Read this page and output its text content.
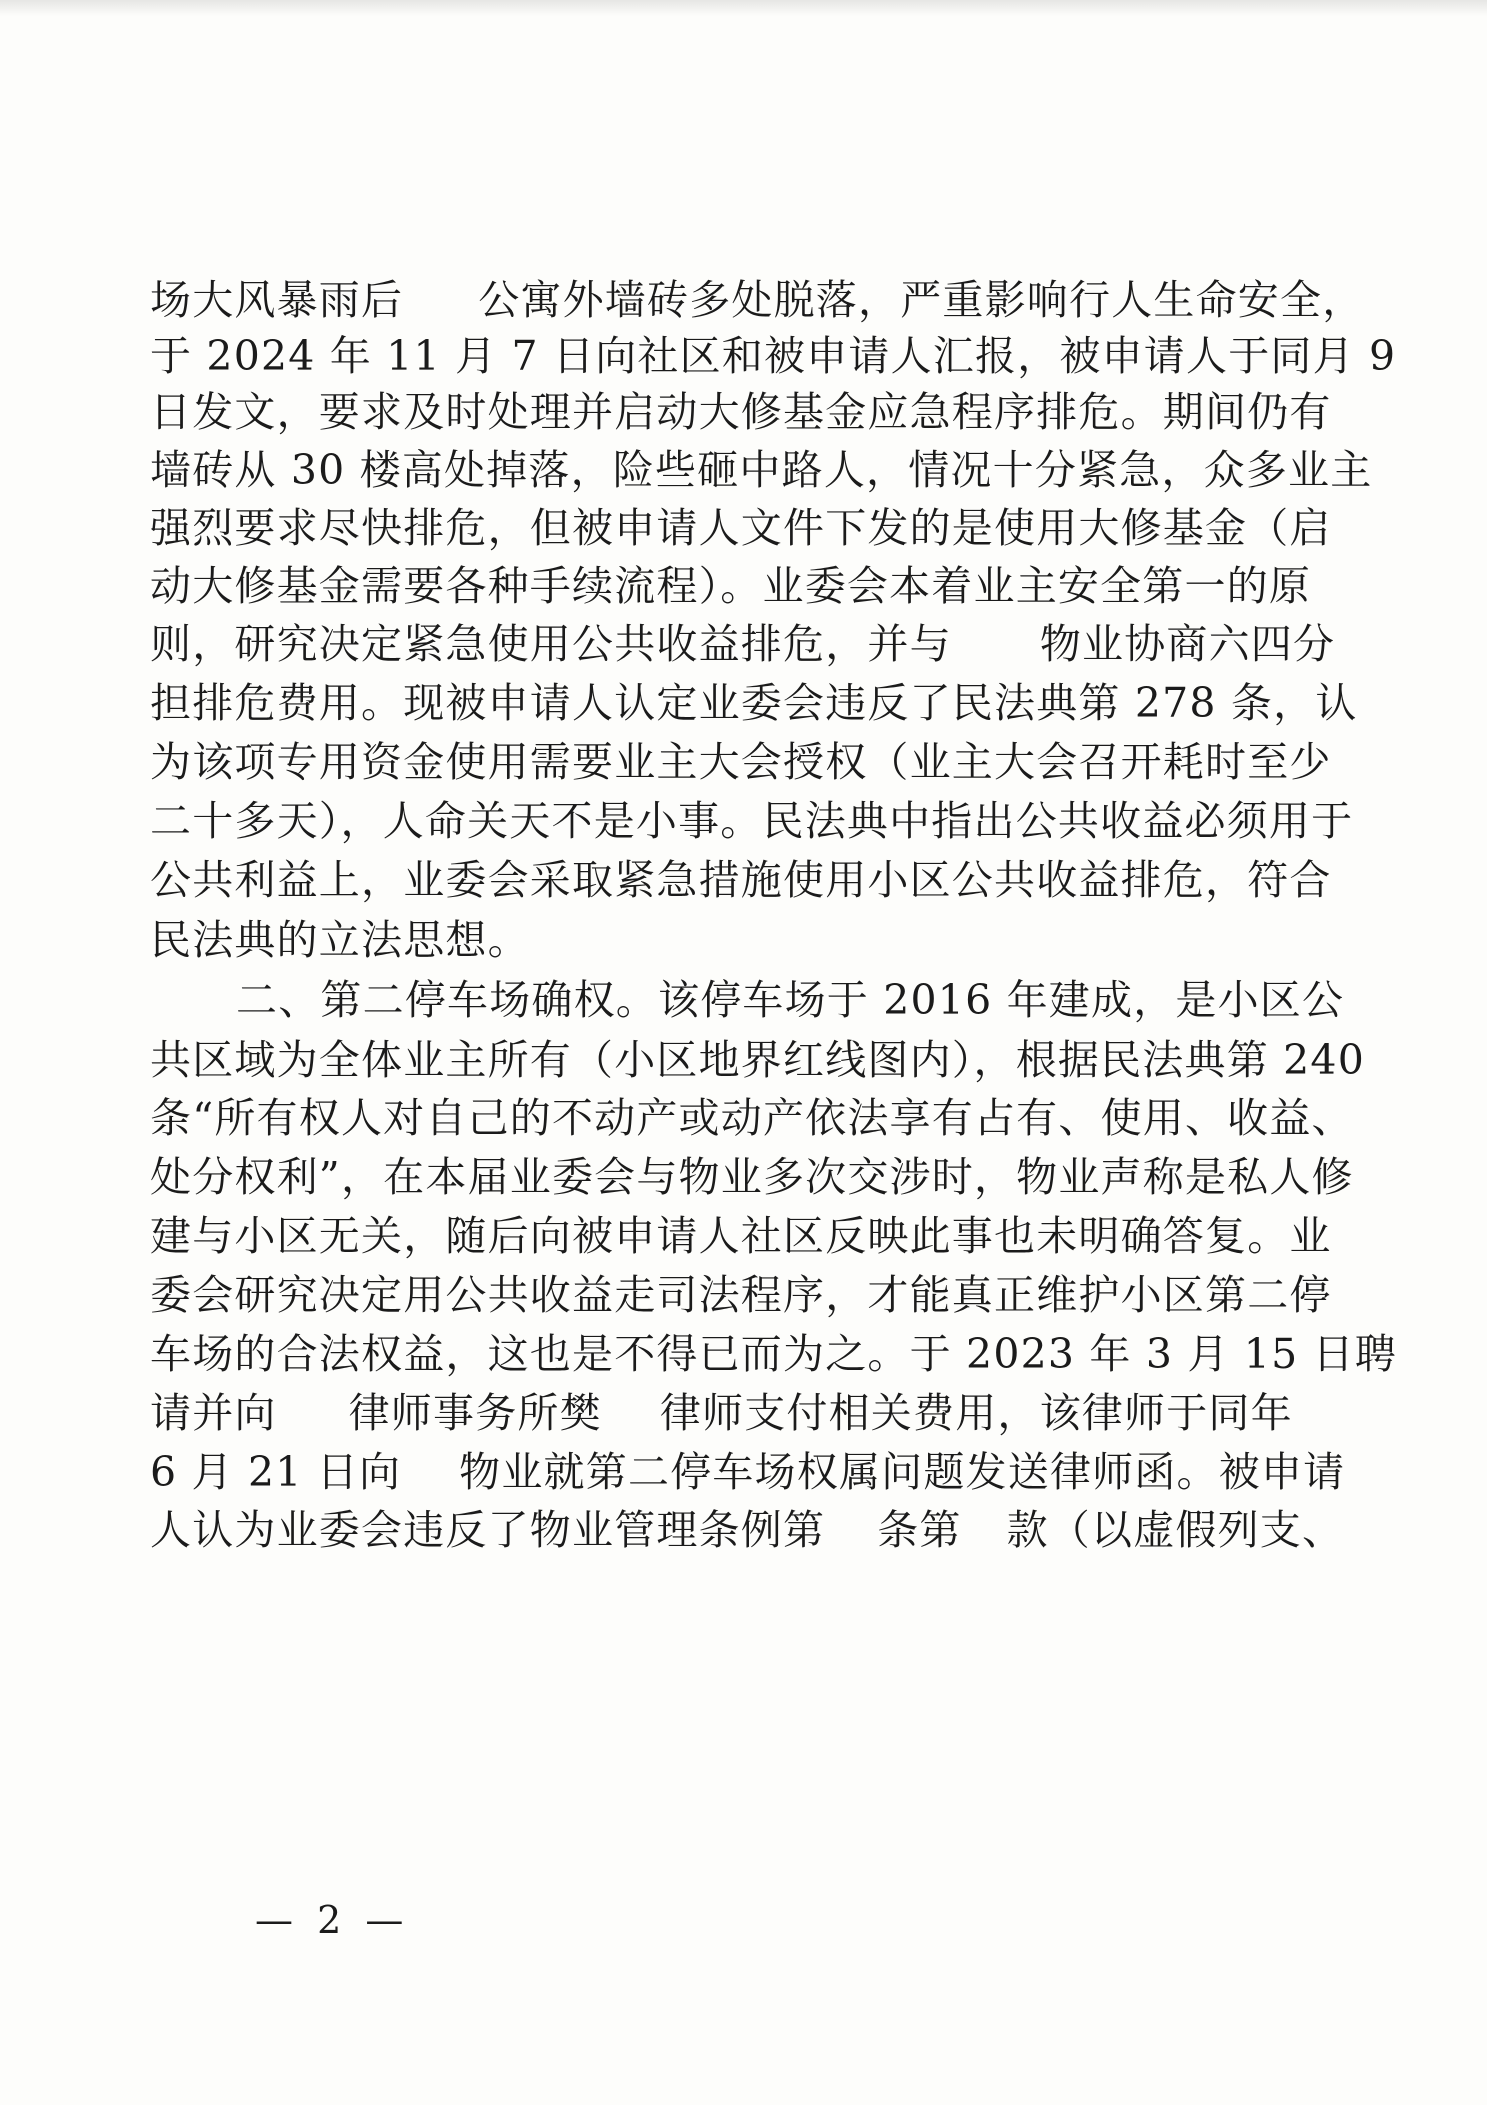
场大风暴雨后 公寓外墙砖多处脱落，严重影响行人生命安全，
于 2024 年 11 月 7 日向社区和被申请人汇报，被申请人于同月 9
日发文，要求及时处理并启动大修基金应急程序排危。期间仍有
墙砖从 30 楼高处掉落，险些砸中路人，情况十分紧急，众多业主
强烈要求尽快排危，但被申请人文件下发的是使用大修基金（启
动大修基金需要各种手续流程）。业委会本着业主安全第一的原
则，研究决定紧急使用公共收益排危，并与 物业协商六四分
担排危费用。现被申请人认定业委会违反了民法典第 278 条，认
为该项专用资金使用需要业主大会授权（业主大会召开耗时至少
二十多天），人命关天不是小事。民法典中指出公共收益必须用于
公共利益上，业委会采取紧急措施使用小区公共收益排危，符合
民法典的立法思想。
二、第二停车场确权。该停车场于 2016 年建成，是小区公
共区域为全体业主所有（小区地界红线图内），根据民法典第 240
条“所有权人对自己的不动产或动产依法享有占有、使用、收益、
处分权利”，在本届业委会与物业多次交涉时，物业声称是私人修
建与小区无关，随后向被申请人社区反映此事也未明确答复。业
委会研究决定用公共收益走司法程序，才能真正维护小区第二停
车场的合法权益，这也是不得已而为之。于 2023 年 3 月 15 日聘
请并向 律师事务所樊 律师支付相关费用，该律师于同年
6 月 21 日向 物业就第二停车场权属问题发送律师函。被申请
人认为业委会违反了物业管理条例第 条第 款（以虚假列支、
— 2 —
